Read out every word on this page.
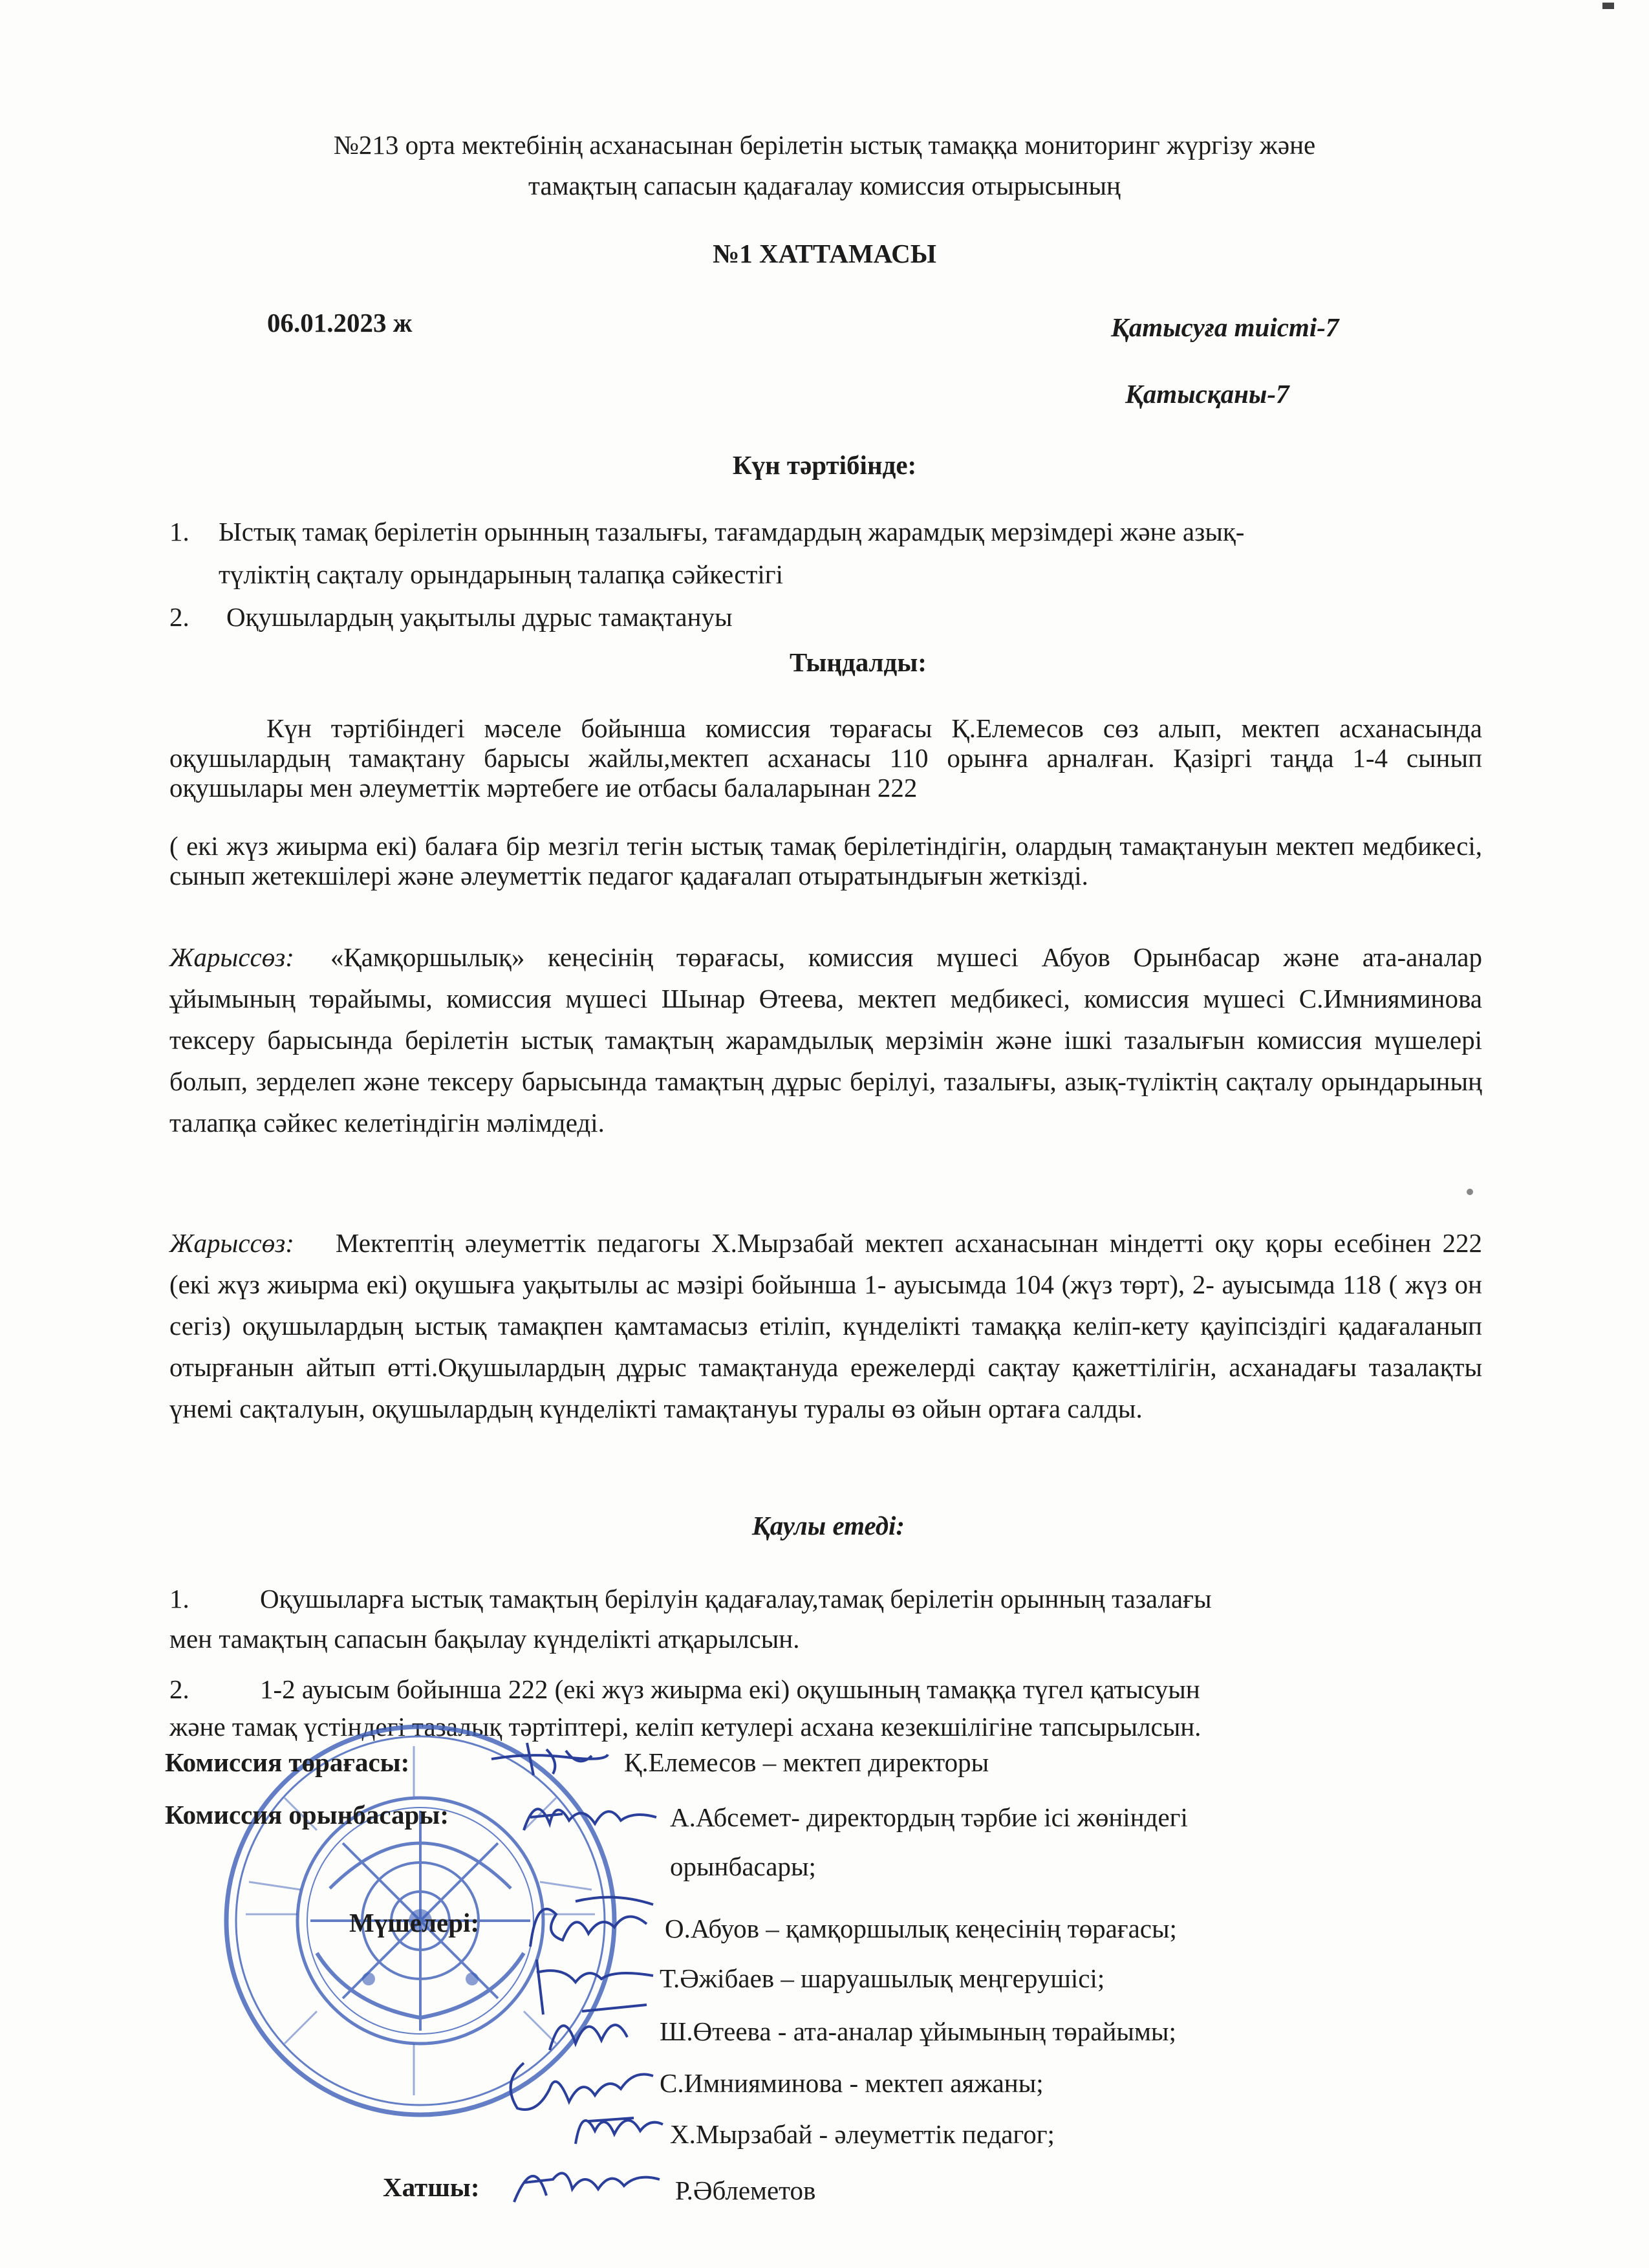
№213 орта мектебінің асханасынан берілетін ыстық тамаққа мониторинг жүргізу және
тамақтың сапасын қадағалау комиссия отырысының
№1 ХАТТАМАСЫ
06.01.2023 ж	Қатысуға тиісті-7
Қатысқаны-7
Күн тәртібінде:
1. Ыстық тамақ берілетін орынның тазалығы, тағамдардың жарамдық мерзімдері және азық-
түліктің сақталу орындарының талапқа сәйкестігі
2. Оқушылардың уақытылы дұрыс тамақтануы
Тыңдалды:
Күн тәртібіндегі мәселе бойынша комиссия төрағасы Қ.Елемесов сөз алып, мектеп асханасында оқушылардың тамақтану барысы жайлы,мектеп асханасы 110 орынға арналған. Қазіргі таңда 1-4 сынып оқушылары мен әлеуметтік мәртебеге ие отбасы балаларынан 222
( екі жүз жиырма екі) балаға бір мезгіл тегін ыстық тамақ берілетіндігін, олардың тамақтануын мектеп медбикесі, сынып жетекшілері және әлеуметтік педагог қадағалап отыратындығын жеткізді.
Жарыссөз: «Қамқоршылық» кеңесінің төрағасы, комиссия мүшесі Абуов Орынбасар және ата-аналар ұйымының төрайымы, комиссия мүшесі Шынар Өтеева, мектеп медбикесі, комиссия мүшесі С.Имнияминова тексеру барысында берілетін ыстық тамақтың жарамдылық мерзімін және ішкі тазалығын комиссия мүшелері болып, зерделеп және тексеру барысында тамақтың дұрыс берілуі, тазалығы, азық-түліктің сақталу орындарының талапқа сәйкес келетіндігін мәлімдеді.
Жарыссөз: Мектептің әлеуметтік педагогы Х.Мырзабай мектеп асханасынан міндетті оқу қоры есебінен 222 (екі жүз жиырма екі) оқушыға уақытылы ас мәзірі бойынша 1- ауысымда 104 (жүз төрт), 2- ауысымда 118 ( жүз он сегіз) оқушылардың ыстық тамақпен қамтамасыз етіліп, күнделікті тамаққа келіп-кету қауіпсіздігі қадағаланып отырғанын айтып өтті.Оқушылардың дұрыс тамақтануда ережелерді сақтау қажеттілігін, асханадағы тазалақты үнемі сақталуын, оқушылардың күнделікті тамақтануы туралы өз ойын ортаға салды.
Қаулы етеді:
1.	Оқушыларға ыстық тамақтың берілуін қадағалау,тамақ берілетін орынның тазалағы
мен тамақтың сапасын бақылау күнделікті атқарылсын.
2.	1-2 ауысым бойынша 222 (екі жүз жиырма екі) оқушының тамаққа түгел қатысуын
және тамақ үстіндегі тазалық тәртіптері, келіп кетулері асхана кезекшілігіне тапсырылсын.
Комиссия төрағасы:	Қ.Елемесов – мектеп директоры
Комиссия орынбасары:	А.Абсемет- директордың тәрбие ісі жөніндегі
орынбасары;
Мүшелері:	О.Абуов – қамқоршылық кеңесінің төрағасы;
Т.Әжібаев – шаруашылық меңгерушісі;
Ш.Өтеева - ата-аналар ұйымының төрайымы;
С.Имнияминова - мектеп аяжаны;
Х.Мырзабай - әлеуметтік педагог;
Хатшы:	Р.Әблеметов
